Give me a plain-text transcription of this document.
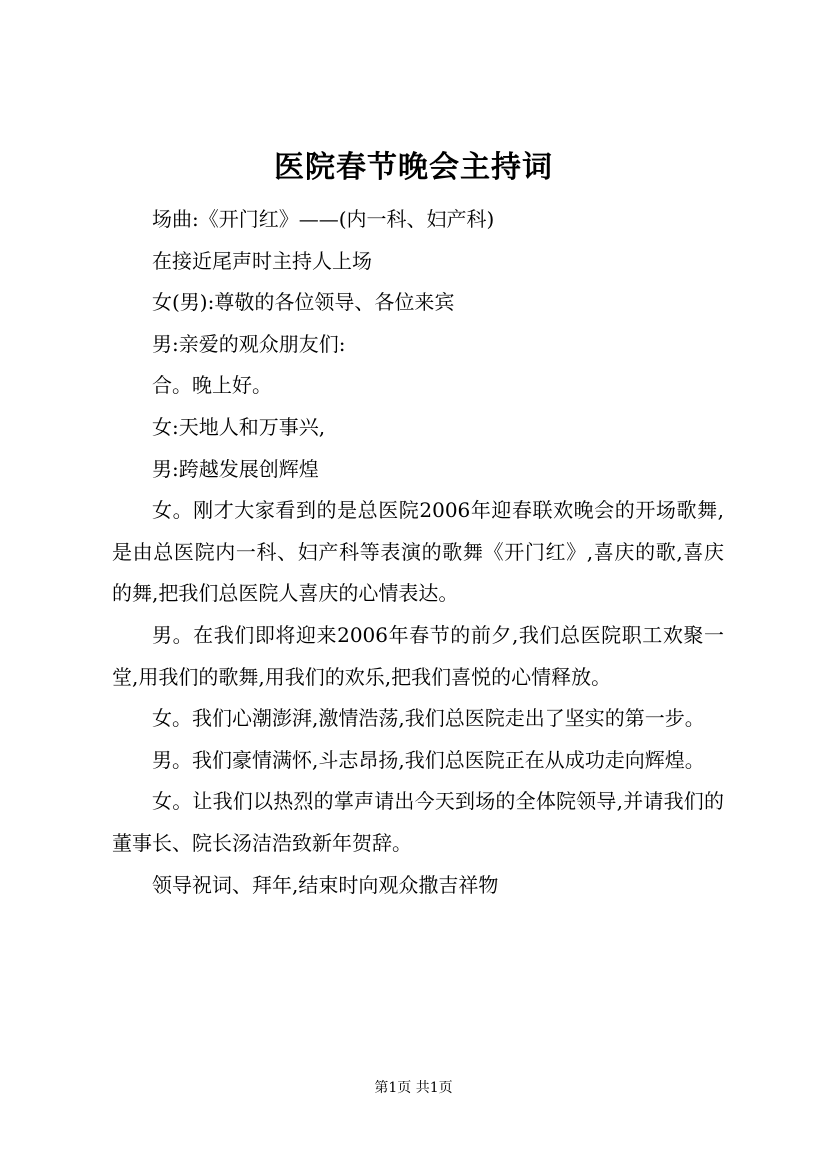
医院春节晚会主持词

场曲:《开门红》——(内一科、妇产科)

在接近尾声时主持人上场

女(男):尊敬的各位领导、各位来宾

男:亲爱的观众朋友们:

合。晚上好。

女:天地人和万事兴,

男:跨越发展创辉煌

女。刚才大家看到的是总医院2006年迎春联欢晚会的开场歌舞,是由总医院内一科、妇产科等表演的歌舞《开门红》,喜庆的歌,喜庆的舞,把我们总医院人喜庆的心情表达。

男。在我们即将迎来2006年春节的前夕,我们总医院职工欢聚一堂,用我们的歌舞,用我们的欢乐,把我们喜悦的心情释放。

女。我们心潮澎湃,激情浩荡,我们总医院走出了坚实的第一步。

男。我们豪情满怀,斗志昂扬,我们总医院正在从成功走向辉煌。

女。让我们以热烈的掌声请出今天到场的全体院领导,并请我们的董事长、院长汤洁浩致新年贺辞。

领导祝词、拜年,结束时向观众撒吉祥物

第1页 共1页
